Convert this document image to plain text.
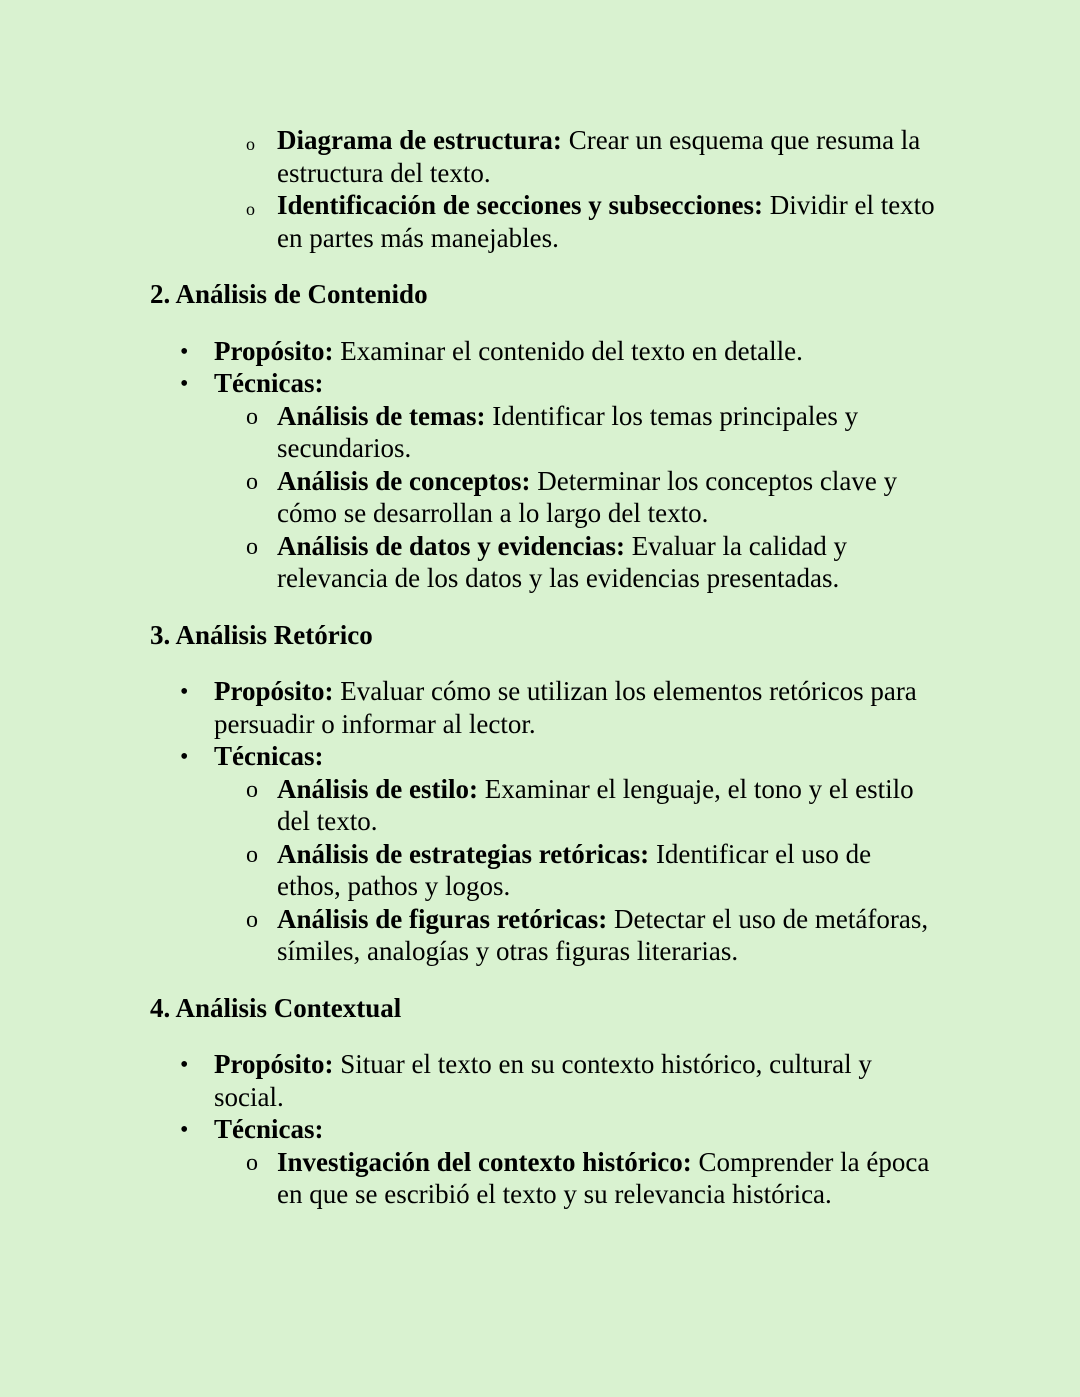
o Diagrama de estructura: Crear un esquema que resuma la estructura del texto.
o Identificación de secciones y subsecciones: Dividir el texto en partes más manejables.
2. Análisis de Contenido
• Propósito: Examinar el contenido del texto en detalle.
• Técnicas:
o Análisis de temas: Identificar los temas principales y secundarios.
o Análisis de conceptos: Determinar los conceptos clave y cómo se desarrollan a lo largo del texto.
o Análisis de datos y evidencias: Evaluar la calidad y relevancia de los datos y las evidencias presentadas.
3. Análisis Retórico
• Propósito: Evaluar cómo se utilizan los elementos retóricos para persuadir o informar al lector.
• Técnicas:
o Análisis de estilo: Examinar el lenguaje, el tono y el estilo del texto.
o Análisis de estrategias retóricas: Identificar el uso de ethos, pathos y logos.
o Análisis de figuras retóricas: Detectar el uso de metáforas, símiles, analogías y otras figuras literarias.
4. Análisis Contextual
• Propósito: Situar el texto en su contexto histórico, cultural y social.
• Técnicas:
o Investigación del contexto histórico: Comprender la época en que se escribió el texto y su relevancia histórica.
